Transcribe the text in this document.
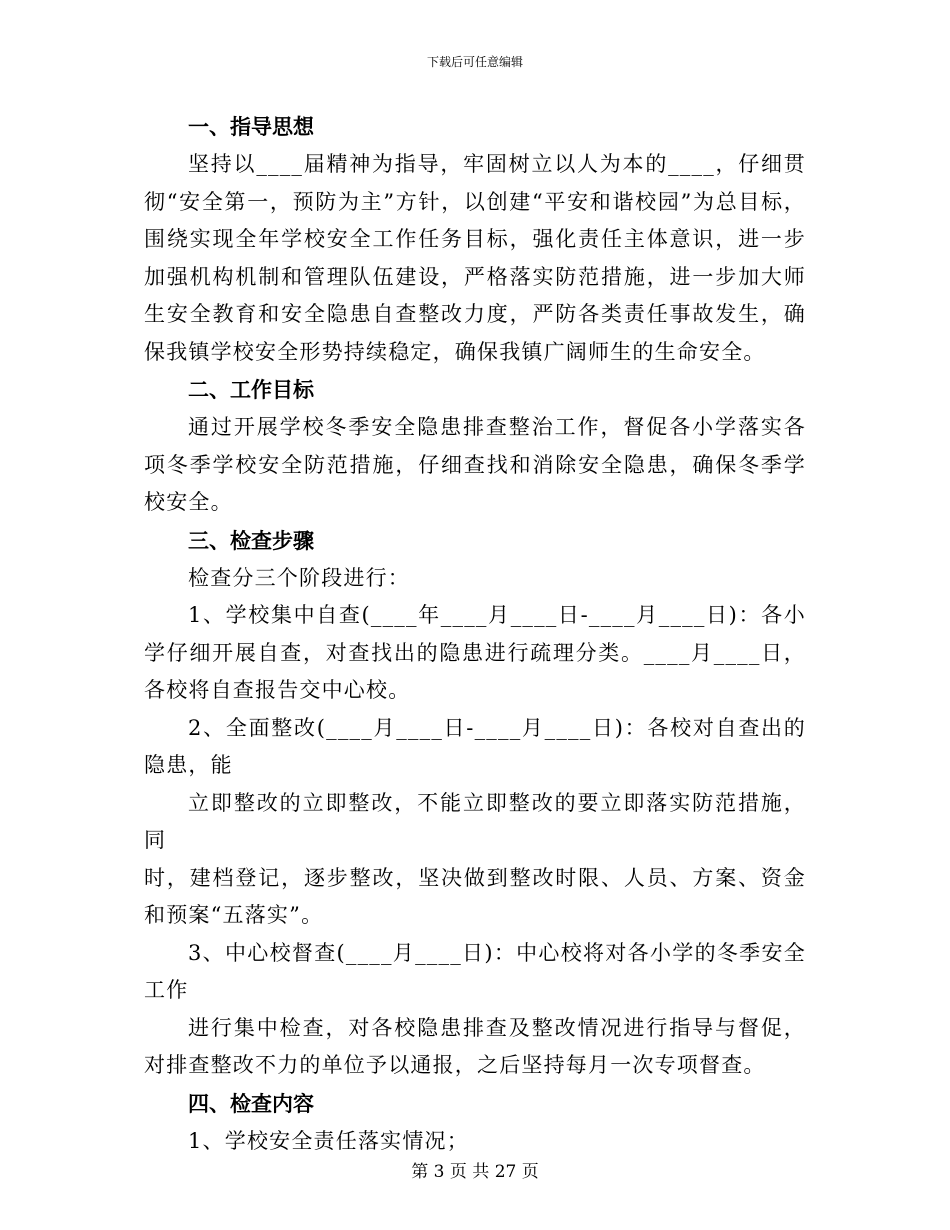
下载后可任意编辑
一、指导思想

坚持以____届精神为指导，牢固树立以人为本的____，仔细贯彻“安全第一，预防为主”方针，以创建“平安和谐校园”为总目标，围绕实现全年学校安全工作任务目标，强化责任主体意识，进一步加强机构机制和管理队伍建设，严格落实防范措施，进一步加大师生安全教育和安全隐患自查整改力度，严防各类责任事故发生，确保我镇学校安全形势持续稳定，确保我镇广阔师生的生命安全。

二、工作目标

通过开展学校冬季安全隐患排查整治工作，督促各小学落实各项冬季学校安全防范措施，仔细查找和消除安全隐患，确保冬季学校安全。

三、检查步骤
检查分三个阶段进行：

1、学校集中自查(____年____月____日-____月____日)：各小学仔细开展自查，对查找出的隐患进行疏理分类。____月____日，各校将自查报告交中心校。

2、全面整改(____月____日-____月____日)：各校对自查出的隐患，能

立即整改的立即整改，不能立即整改的要立即落实防范措施，同

时，建档登记，逐步整改，坚决做到整改时限、人员、方案、资金和预案“五落实”。

3、中心校督查(____月____日)：中心校将对各小学的冬季安全工作

进行集中检查，对各校隐患排查及整改情况进行指导与督促，对排查整改不力的单位予以通报，之后坚持每月一次专项督查。

四、检查内容
1、学校安全责任落实情况；
第 3 页 共 27 页
